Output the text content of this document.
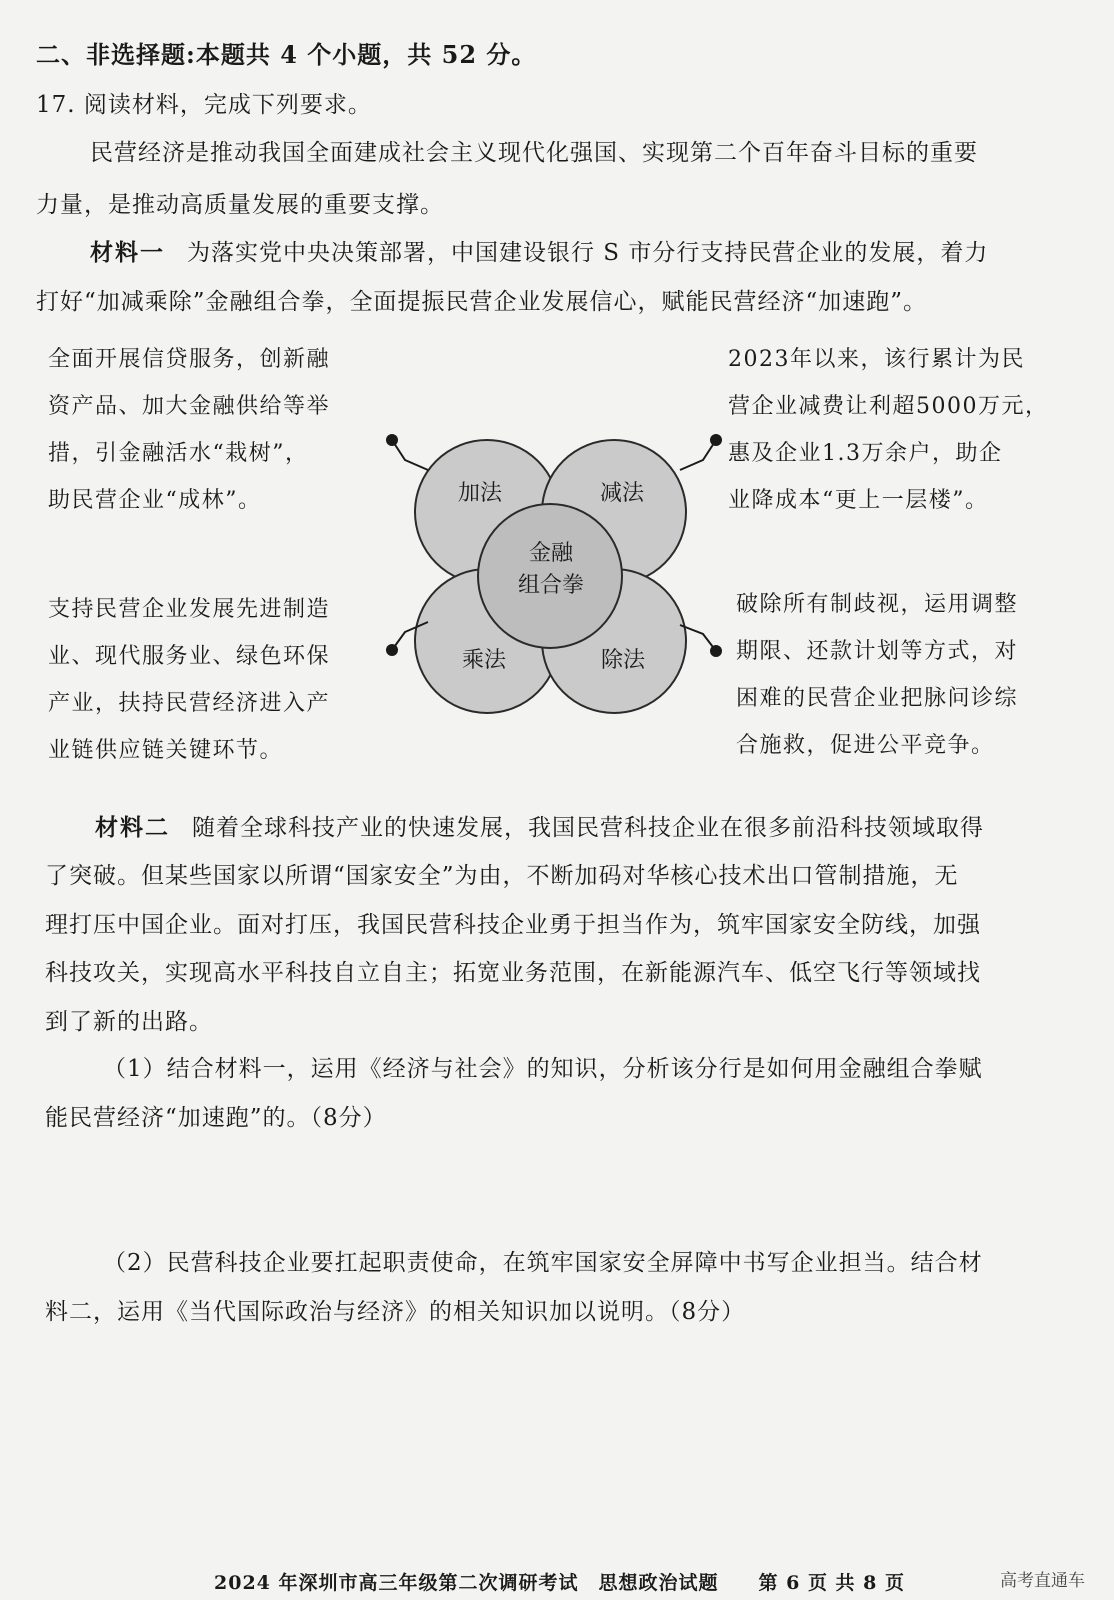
二、非选择题:本题共 4 个小题，共 52 分。
17. 阅读材料，完成下列要求。
民营经济是推动我国全面建成社会主义现代化强国、实现第二个百年奋斗目标的重要
力量，是推动高质量发展的重要支撑。
材料一 为落实党中央决策部署，中国建设银行 S 市分行支持民营企业的发展，着力
打好“加减乘除”金融组合拳，全面提振民营企业发展信心，赋能民营经济“加速跑”。
加法	减法
乘法	除法
金融
组合拳
全面开展信贷服务，创新融
资产品、加大金融供给等举
措，引金融活水“栽树”，
助民营企业“成林”。
2023年以来，该行累计为民
营企业减费让利超5000万元，
惠及企业1.3万余户，助企
业降成本“更上一层楼”。
支持民营企业发展先进制造
业、现代服务业、绿色环保
产业，扶持民营经济进入产
业链供应链关键环节。
破除所有制歧视，运用调整
期限、还款计划等方式，对
困难的民营企业把脉问诊综
合施救，促进公平竞争。
材料二 随着全球科技产业的快速发展，我国民营科技企业在很多前沿科技领域取得
了突破。但某些国家以所谓“国家安全”为由，不断加码对华核心技术出口管制措施，无
理打压中国企业。面对打压，我国民营科技企业勇于担当作为，筑牢国家安全防线，加强
科技攻关，实现高水平科技自立自主；拓宽业务范围，在新能源汽车、低空飞行等领域找
到了新的出路。
（1）结合材料一，运用《经济与社会》的知识，分析该分行是如何用金融组合拳赋
能民营经济“加速跑”的。（8分）
（2）民营科技企业要扛起职责使命，在筑牢国家安全屏障中书写企业担当。结合材
料二，运用《当代国际政治与经济》的相关知识加以说明。（8分）
2024 年深圳市高三年级第二次调研考试　思想政治试题　　第 6 页 共 8 页	高考直通车
